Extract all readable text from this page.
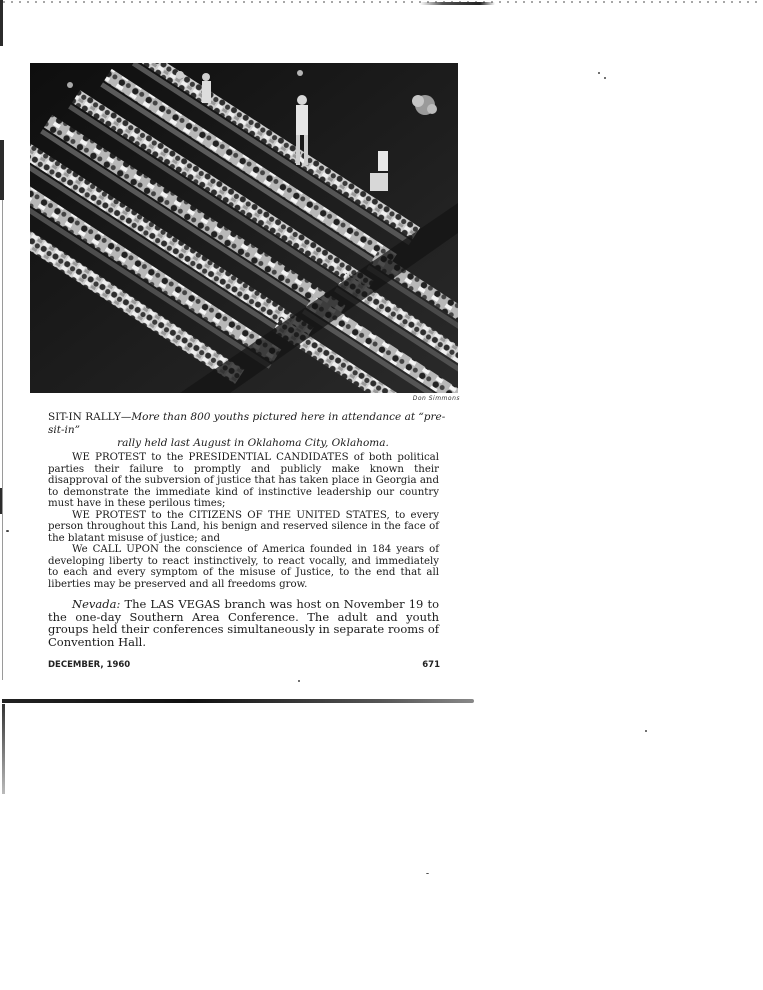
Don Simmons
SIT-IN RALLY—More than 800 youths pictured here in attendance at “pre-sit-in”
rally held last August in Oklahoma City, Oklahoma.

WE PROTEST to the PRESIDENTIAL CANDIDATES of both political parties their failure to promptly and publicly make known their disapproval of the subversion of justice that has taken place in Georgia and to demonstrate the immediate kind of instinctive leadership our country must have in these perilous times;

WE PROTEST to the CITIZENS OF THE UNITED STATES, to every person throughout this Land, his benign and reserved silence in the face of the blatant misuse of justice; and

We CALL UPON the conscience of America founded in 184 years of developing liberty to react instinctively, to react vocally, and immediately to each and every symptom of the misuse of Justice, to the end that all liberties may be preserved and all freedoms grow.

Nevada: The LAS VEGAS branch was host on November 19 to the one-day Southern Area Conference. The adult and youth groups held their conferences simultaneously in separate rooms of Convention Hall.

DECEMBER, 1960	671
